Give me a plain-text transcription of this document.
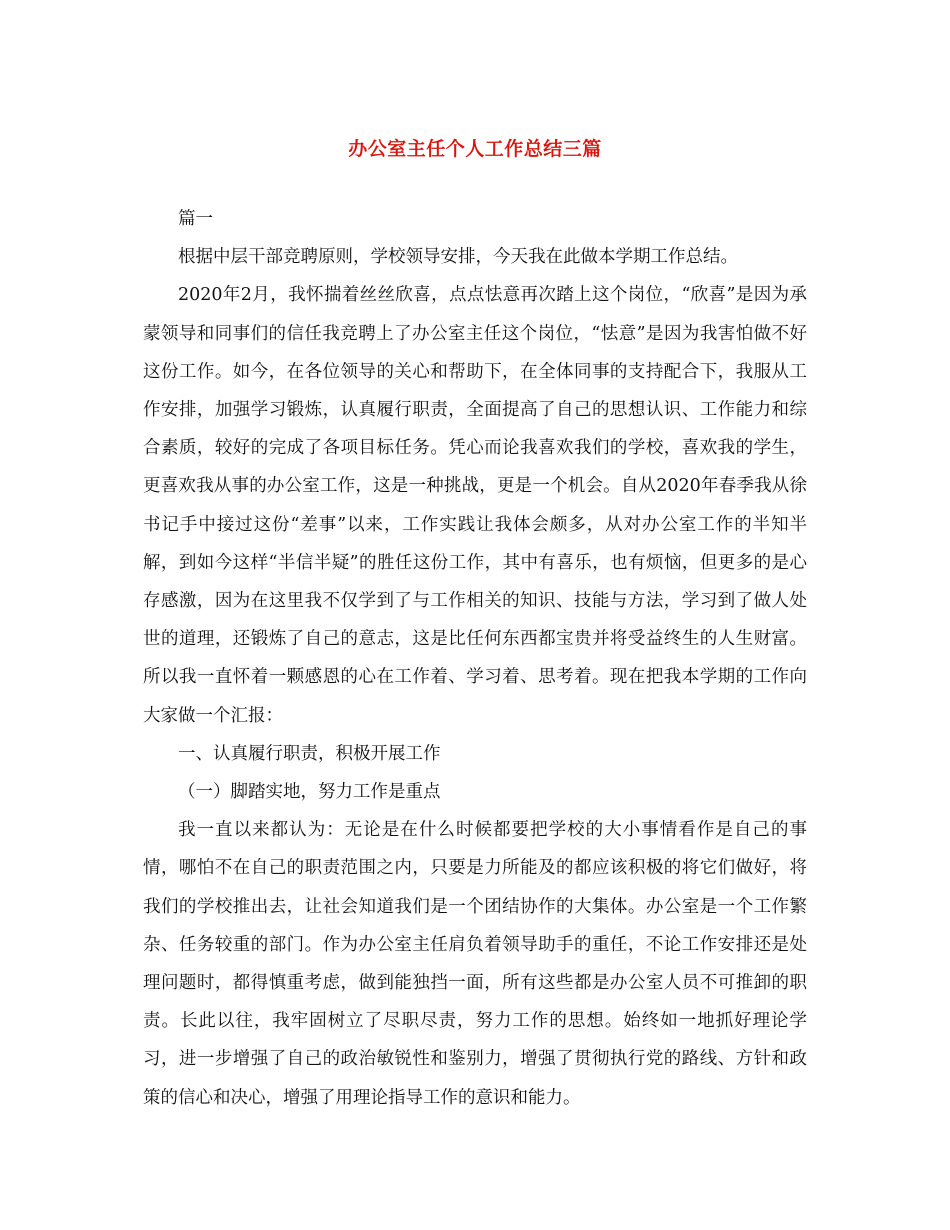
办公室主任个人工作总结三篇

篇一

根据中层干部竞聘原则，学校领导安排，今天我在此做本学期工作总结。

2020年2月，我怀揣着丝丝欣喜，点点怯意再次踏上这个岗位，“欣喜”是因为承蒙领导和同事们的信任我竞聘上了办公室主任这个岗位，“怯意”是因为我害怕做不好这份工作。如今，在各位领导的关心和帮助下，在全体同事的支持配合下，我服从工作安排，加强学习锻炼，认真履行职责，全面提高了自己的思想认识、工作能力和综合素质，较好的完成了各项目标任务。凭心而论我喜欢我们的学校，喜欢我的学生，更喜欢我从事的办公室工作，这是一种挑战，更是一个机会。自从2020年春季我从徐书记手中接过这份“差事”以来，工作实践让我体会颇多，从对办公室工作的半知半解，到如今这样“半信半疑”的胜任这份工作，其中有喜乐，也有烦恼，但更多的是心存感激，因为在这里我不仅学到了与工作相关的知识、技能与方法，学习到了做人处世的道理，还锻炼了自己的意志，这是比任何东西都宝贵并将受益终生的人生财富。所以我一直怀着一颗感恩的心在工作着、学习着、思考着。现在把我本学期的工作向大家做一个汇报：

一、认真履行职责，积极开展工作

（一）脚踏实地，努力工作是重点

我一直以来都认为：无论是在什么时候都要把学校的大小事情看作是自己的事情，哪怕不在自己的职责范围之内，只要是力所能及的都应该积极的将它们做好，将我们的学校推出去，让社会知道我们是一个团结协作的大集体。办公室是一个工作繁杂、任务较重的部门。作为办公室主任肩负着领导助手的重任，不论工作安排还是处理问题时，都得慎重考虑，做到能独挡一面，所有这些都是办公室人员不可推卸的职责。长此以往，我牢固树立了尽职尽责，努力工作的思想。始终如一地抓好理论学习，进一步增强了自己的政治敏锐性和鉴别力，增强了贯彻执行党的路线、方针和政策的信心和决心，增强了用理论指导工作的意识和能力。
